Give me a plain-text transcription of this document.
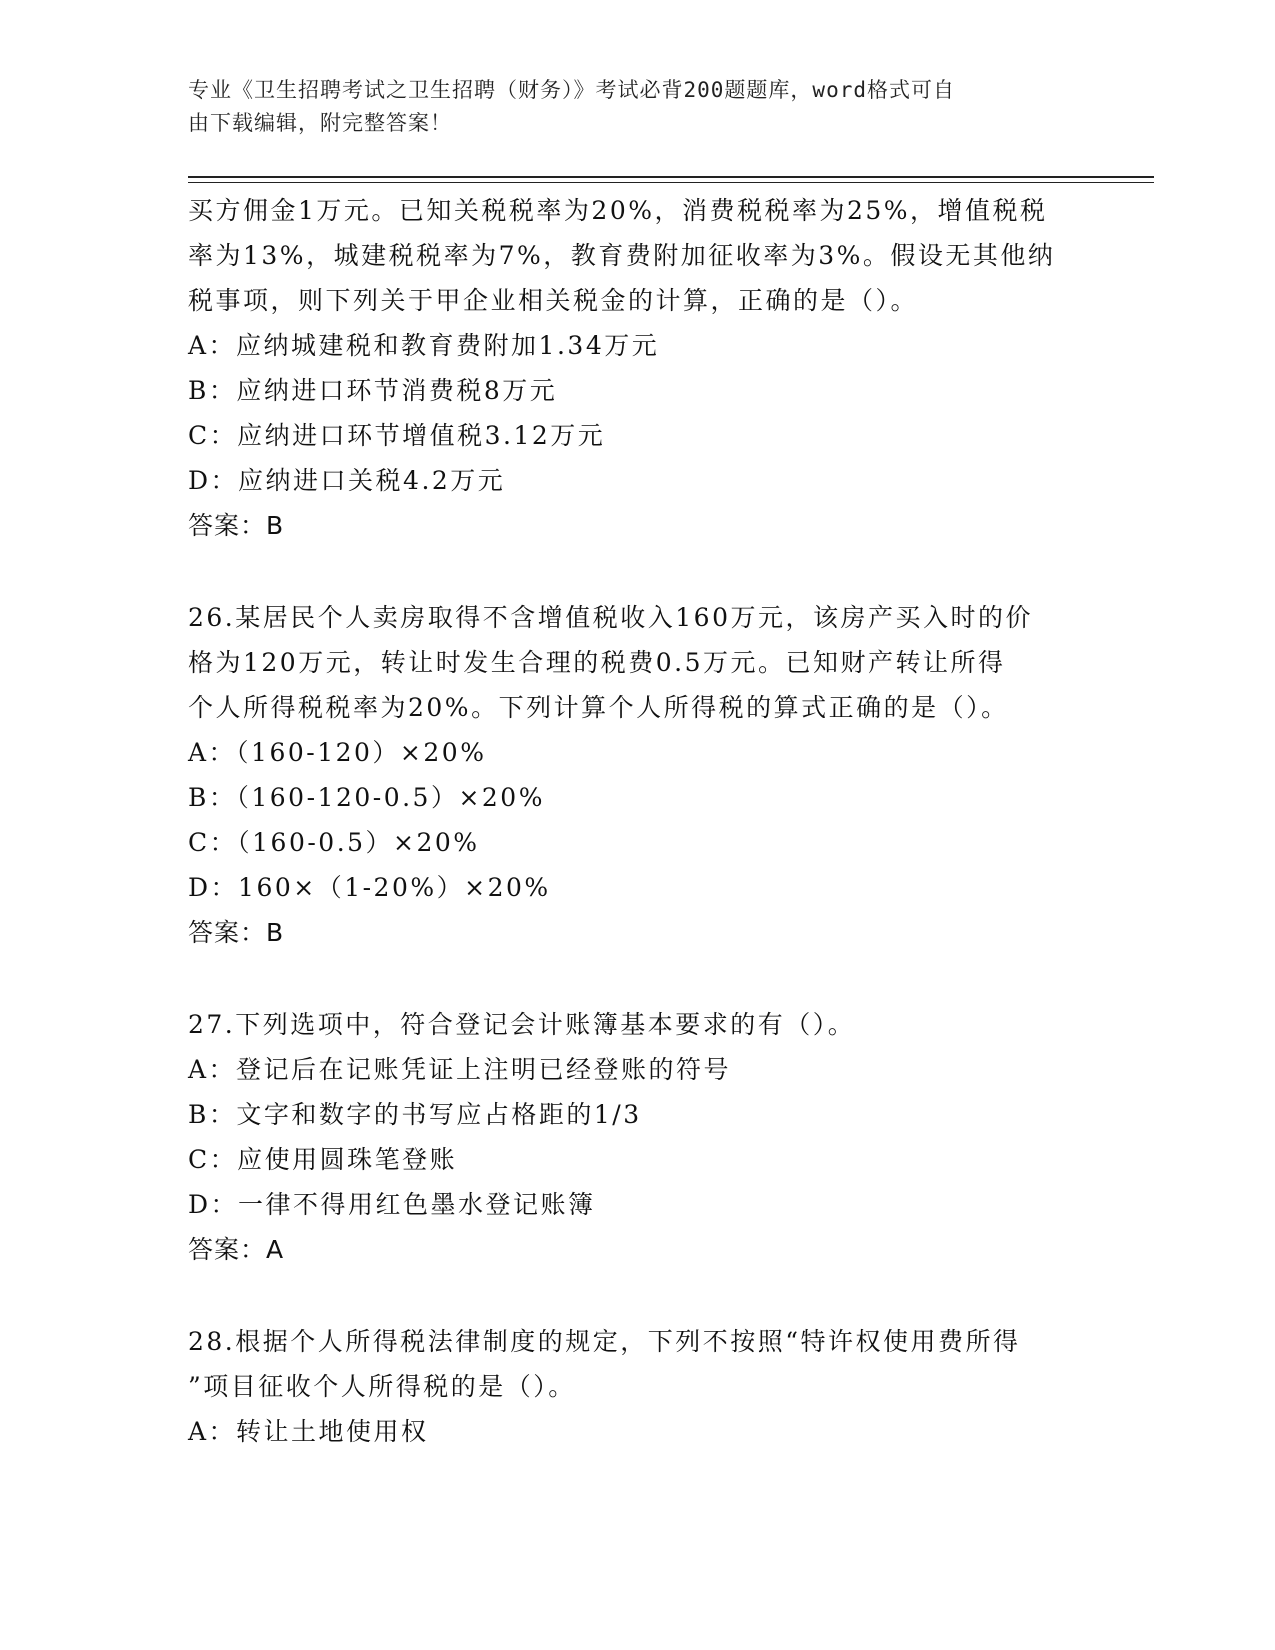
专业《卫生招聘考试之卫生招聘（财务）》考试必背200题题库，word格式可自
由下载编辑，附完整答案！
买方佣金1万元。已知关税税率为20%，消费税税率为25%，增值税税
率为13%，城建税税率为7%，教育费附加征收率为3%。假设无其他纳
税事项，则下列关于甲企业相关税金的计算，正确的是（）。
A：应纳城建税和教育费附加1.34万元
B：应纳进口环节消费税8万元
C：应纳进口环节增值税3.12万元
D：应纳进口关税4.2万元
答案：B
26.某居民个人卖房取得不含增值税收入160万元，该房产买入时的价
格为120万元，转让时发生合理的税费0.5万元。已知财产转让所得
个人所得税税率为20%。下列计算个人所得税的算式正确的是（）。
A：（160-120）×20%
B：（160-120-0.5）×20%
C：（160-0.5）×20%
D：160×（1-20%）×20%
答案：B
27.下列选项中，符合登记会计账簿基本要求的有（）。
A：登记后在记账凭证上注明已经登账的符号
B：文字和数字的书写应占格距的1/3
C：应使用圆珠笔登账
D：一律不得用红色墨水登记账簿
答案：A
28.根据个人所得税法律制度的规定，下列不按照“特许权使用费所得
”项目征收个人所得税的是（）。
A：转让土地使用权
